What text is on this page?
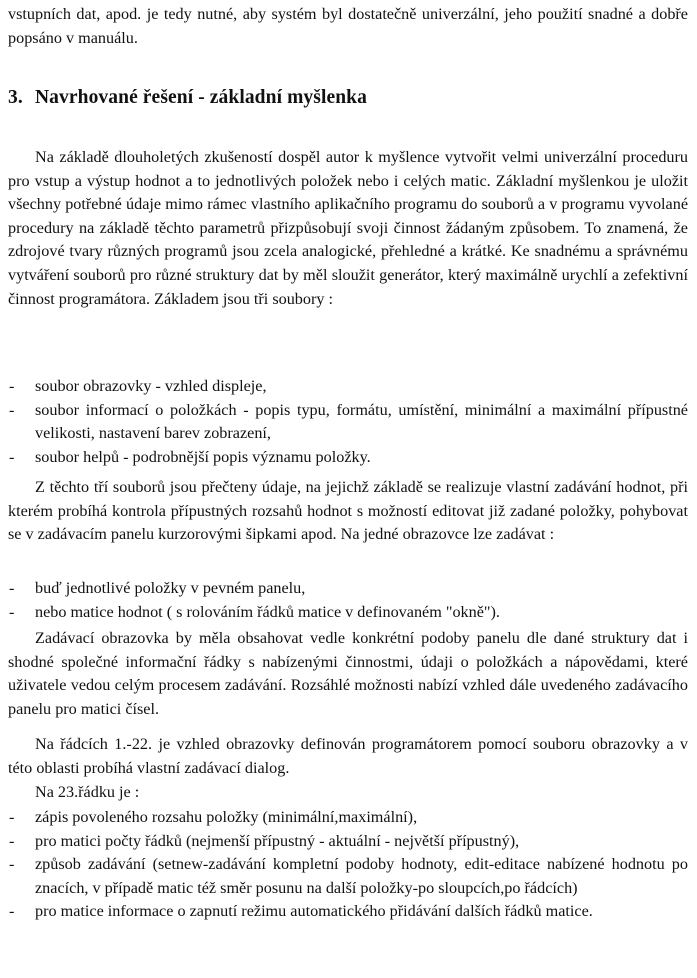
vstupních dat, apod. je tedy nutné, aby systém byl dostatečně univerzální, jeho použití snadné a dobře popsáno v manuálu.

3. Navrhované řešení - základní myšlenka

Na základě dlouholetých zkušeností dospěl autor k myšlence vytvořit velmi univerzální proceduru pro vstup a výstup hodnot a to jednotlivých položek nebo i celých matic. Základní myšlenkou je uložit všechny potřebné údaje mimo rámec vlastního aplikačního programu do souborů a v programu vyvolané procedury na základě těchto parametrů přizpůsobují svoji činnost žádaným způsobem. To znamená, že zdrojové tvary různých programů jsou zcela analogické, přehledné a krátké. Ke snadnému a správnému vytváření souborů pro různé struktury dat by měl sloužit generátor, který maximálně urychlí a zefektivní činnost programátora. Základem jsou tři soubory :

- soubor obrazovky - vzhled displeje,
- soubor informací o položkách - popis typu, formátu, umístění, minimální a maximální přípustné velikosti, nastavení barev zobrazení,
- soubor helpů - podrobnější popis významu položky.

Z těchto tří souborů jsou přečteny údaje, na jejichž základě se realizuje vlastní zadávání hodnot, při kterém probíhá kontrola přípustných rozsahů hodnot s možností editovat již zadané položky, pohybovat se v zadávacím panelu kurzorovými šipkami apod. Na jedné obrazovce lze zadávat :

- buď jednotlivé položky v pevném panelu,
- nebo matice hodnot ( s rolováním řádků matice v definovaném "okně").

Zadávací obrazovka by měla obsahovat vedle konkrétní podoby panelu dle dané struktury dat i shodné společné informační řádky s nabízenými činnostmi, údaji o položkách a nápovědami, které uživatele vedou celým procesem zadávání. Rozsáhlé možnosti nabízí vzhled dále uvedeného zadávacího panelu pro matici čísel.

Na řádcích 1.-22. je vzhled obrazovky definován programátorem pomocí souboru obrazovky a v této oblasti probíhá vlastní zadávací dialog.

Na 23.řádku je :

- zápis povoleného rozsahu položky (minimální,maximální),
- pro matici počty řádků (nejmenší přípustný - aktuální - největší přípustný),
- způsob zadávání (setnew-zadávání kompletní podoby hodnoty, edit-editace nabízené hodnotu po znacích, v případě matic též směr posunu na další položky-po sloupcích,po řádcích)
- pro matice informace o zapnutí režimu automatického přidávání dalších řádků matice.
